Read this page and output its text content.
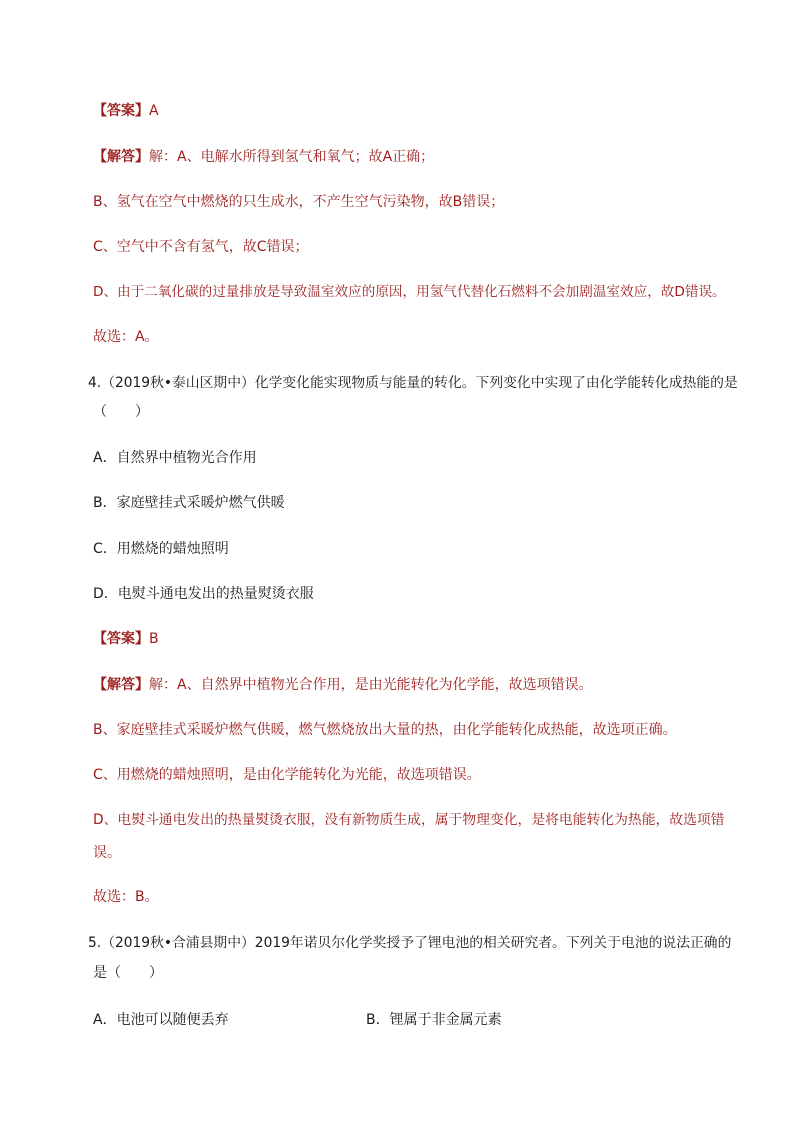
【答案】A
【解答】解：A、电解水所得到氢气和氧气；故A正确；
B、氢气在空气中燃烧的只生成水，不产生空气污染物，故B错误；
C、空气中不含有氢气，故C错误；
D、由于二氧化碳的过量排放是导致温室效应的原因，用氢气代替化石燃料不会加剧温室效应，故D错误。
故选：A。
4.（2019秋•泰山区期中）化学变化能实现物质与能量的转化。下列变化中实现了由化学能转化成热能的是
（　　）
A．自然界中植物光合作用
B．家庭壁挂式采暖炉燃气供暖
C．用燃烧的蜡烛照明
D．电熨斗通电发出的热量熨烫衣服
【答案】B
【解答】解：A、自然界中植物光合作用，是由光能转化为化学能，故选项错误。
B、家庭壁挂式采暖炉燃气供暖，燃气燃烧放出大量的热，由化学能转化成热能，故选项正确。
C、用燃烧的蜡烛照明，是由化学能转化为光能，故选项错误。
D、电熨斗通电发出的热量熨烫衣服，没有新物质生成，属于物理变化，是将电能转化为热能，故选项错
误。
故选：B。
5.（2019秋•合浦县期中）2019年诺贝尔化学奖授予了锂电池的相关研究者。下列关于电池的说法正确的
是（　　）
A．电池可以随便丢弃	B．锂属于非金属元素
